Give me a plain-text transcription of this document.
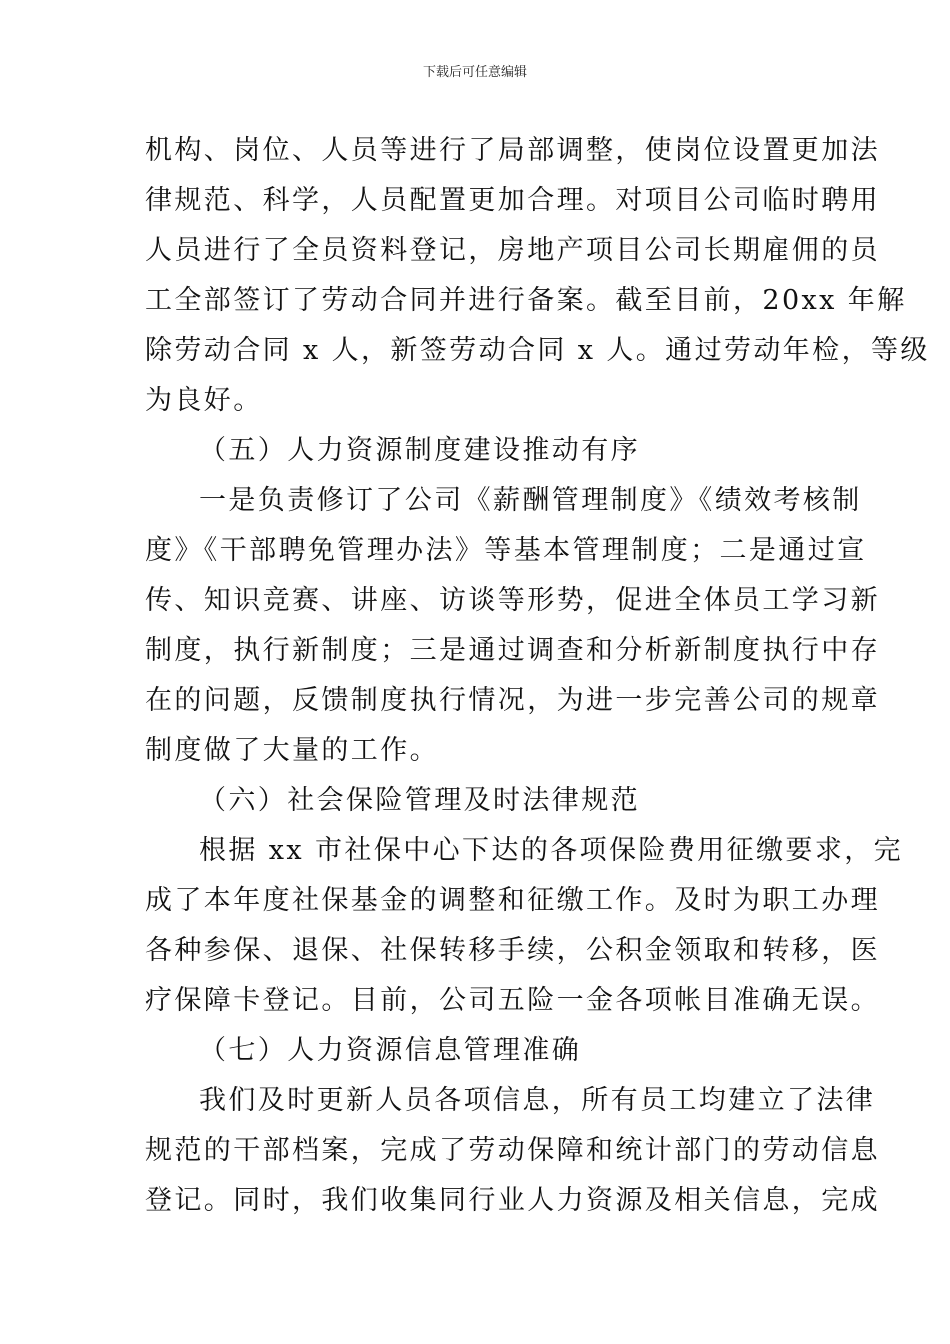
下载后可任意编辑

机构、岗位、人员等进行了局部调整，使岗位设置更加法
律规范、科学，人员配置更加合理。对项目公司临时聘用
人员进行了全员资料登记，房地产项目公司长期雇佣的员
工全部签订了劳动合同并进行备案。截至目前，20xx 年解
除劳动合同 x 人，新签劳动合同 x 人。通过劳动年检，等级
为良好。

（五）人力资源制度建设推动有序

一是负责修订了公司《薪酬管理制度》《绩效考核制
度》《干部聘免管理办法》等基本管理制度；二是通过宣
传、知识竞赛、讲座、访谈等形势，促进全体员工学习新
制度，执行新制度；三是通过调查和分析新制度执行中存
在的问题，反馈制度执行情况，为进一步完善公司的规章
制度做了大量的工作。

（六）社会保险管理及时法律规范

根据 xx 市社保中心下达的各项保险费用征缴要求，完
成了本年度社保基金的调整和征缴工作。及时为职工办理
各种参保、退保、社保转移手续，公积金领取和转移，医
疗保障卡登记。目前，公司五险一金各项帐目准确无误。

（七）人力资源信息管理准确

我们及时更新人员各项信息，所有员工均建立了法律
规范的干部档案，完成了劳动保障和统计部门的劳动信息
登记。同时，我们收集同行业人力资源及相关信息，完成
